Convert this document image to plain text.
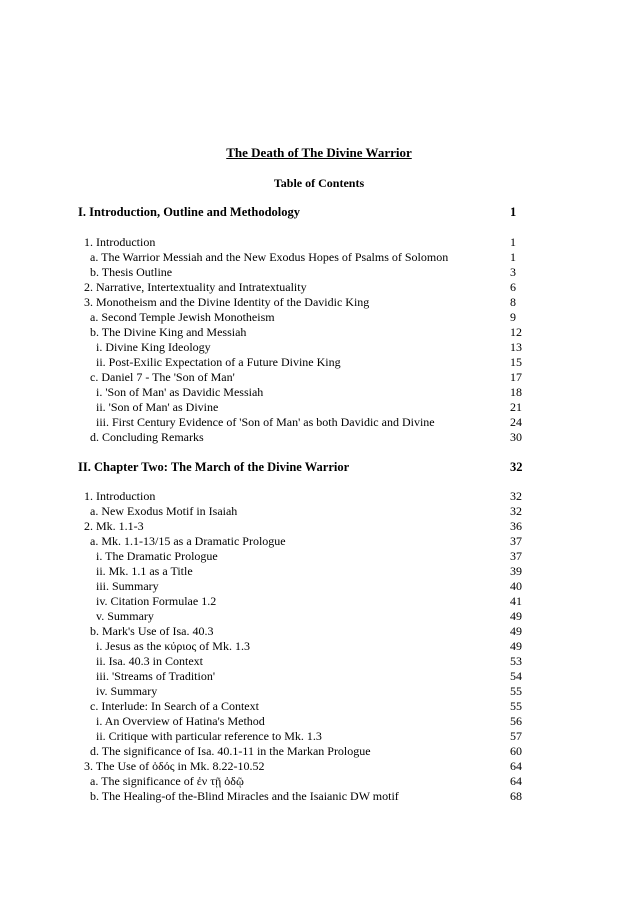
The Death of The Divine Warrior
Table of Contents
I. Introduction, Outline and Methodology	1
1. Introduction	1
a. The Warrior Messiah and the New Exodus Hopes of Psalms of Solomon	1
b. Thesis Outline	3
2. Narrative, Intertextuality and Intratextuality	6
3. Monotheism and the Divine Identity of the Davidic King	8
a. Second Temple Jewish Monotheism	9
b. The Divine King and Messiah	12
i. Divine King Ideology	13
ii. Post-Exilic Expectation of a Future Divine King	15
c. Daniel 7 - The 'Son of Man'	17
i. 'Son of Man' as Davidic Messiah	18
ii. 'Son of Man' as Divine	21
iii. First Century Evidence of 'Son of Man' as both Davidic and Divine	24
d. Concluding Remarks	30
II. Chapter Two: The March of the Divine Warrior	32
1. Introduction	32
a. New Exodus Motif in Isaiah	32
2. Mk. 1.1-3	36
a. Mk. 1.1-13/15 as a Dramatic Prologue	37
i. The Dramatic Prologue	37
ii. Mk. 1.1 as a Title	39
iii. Summary	40
iv. Citation Formulae 1.2	41
v. Summary	49
b. Mark's Use of Isa. 40.3	49
i. Jesus as the κύριος of Mk. 1.3	49
ii. Isa. 40.3 in Context	53
iii. 'Streams of Tradition'	54
iv. Summary	55
c. Interlude: In Search of a Context	55
i. An Overview of Hatina's Method	56
ii. Critique with particular reference to Mk. 1.3	57
d. The significance of Isa. 40.1-11 in the Markan Prologue	60
3. The Use of ὁδός in Mk. 8.22-10.52	64
a. The significance of ἐν τῇ ὁδῷ	64
b. The Healing-of the-Blind Miracles and the Isaianic DW motif	68
